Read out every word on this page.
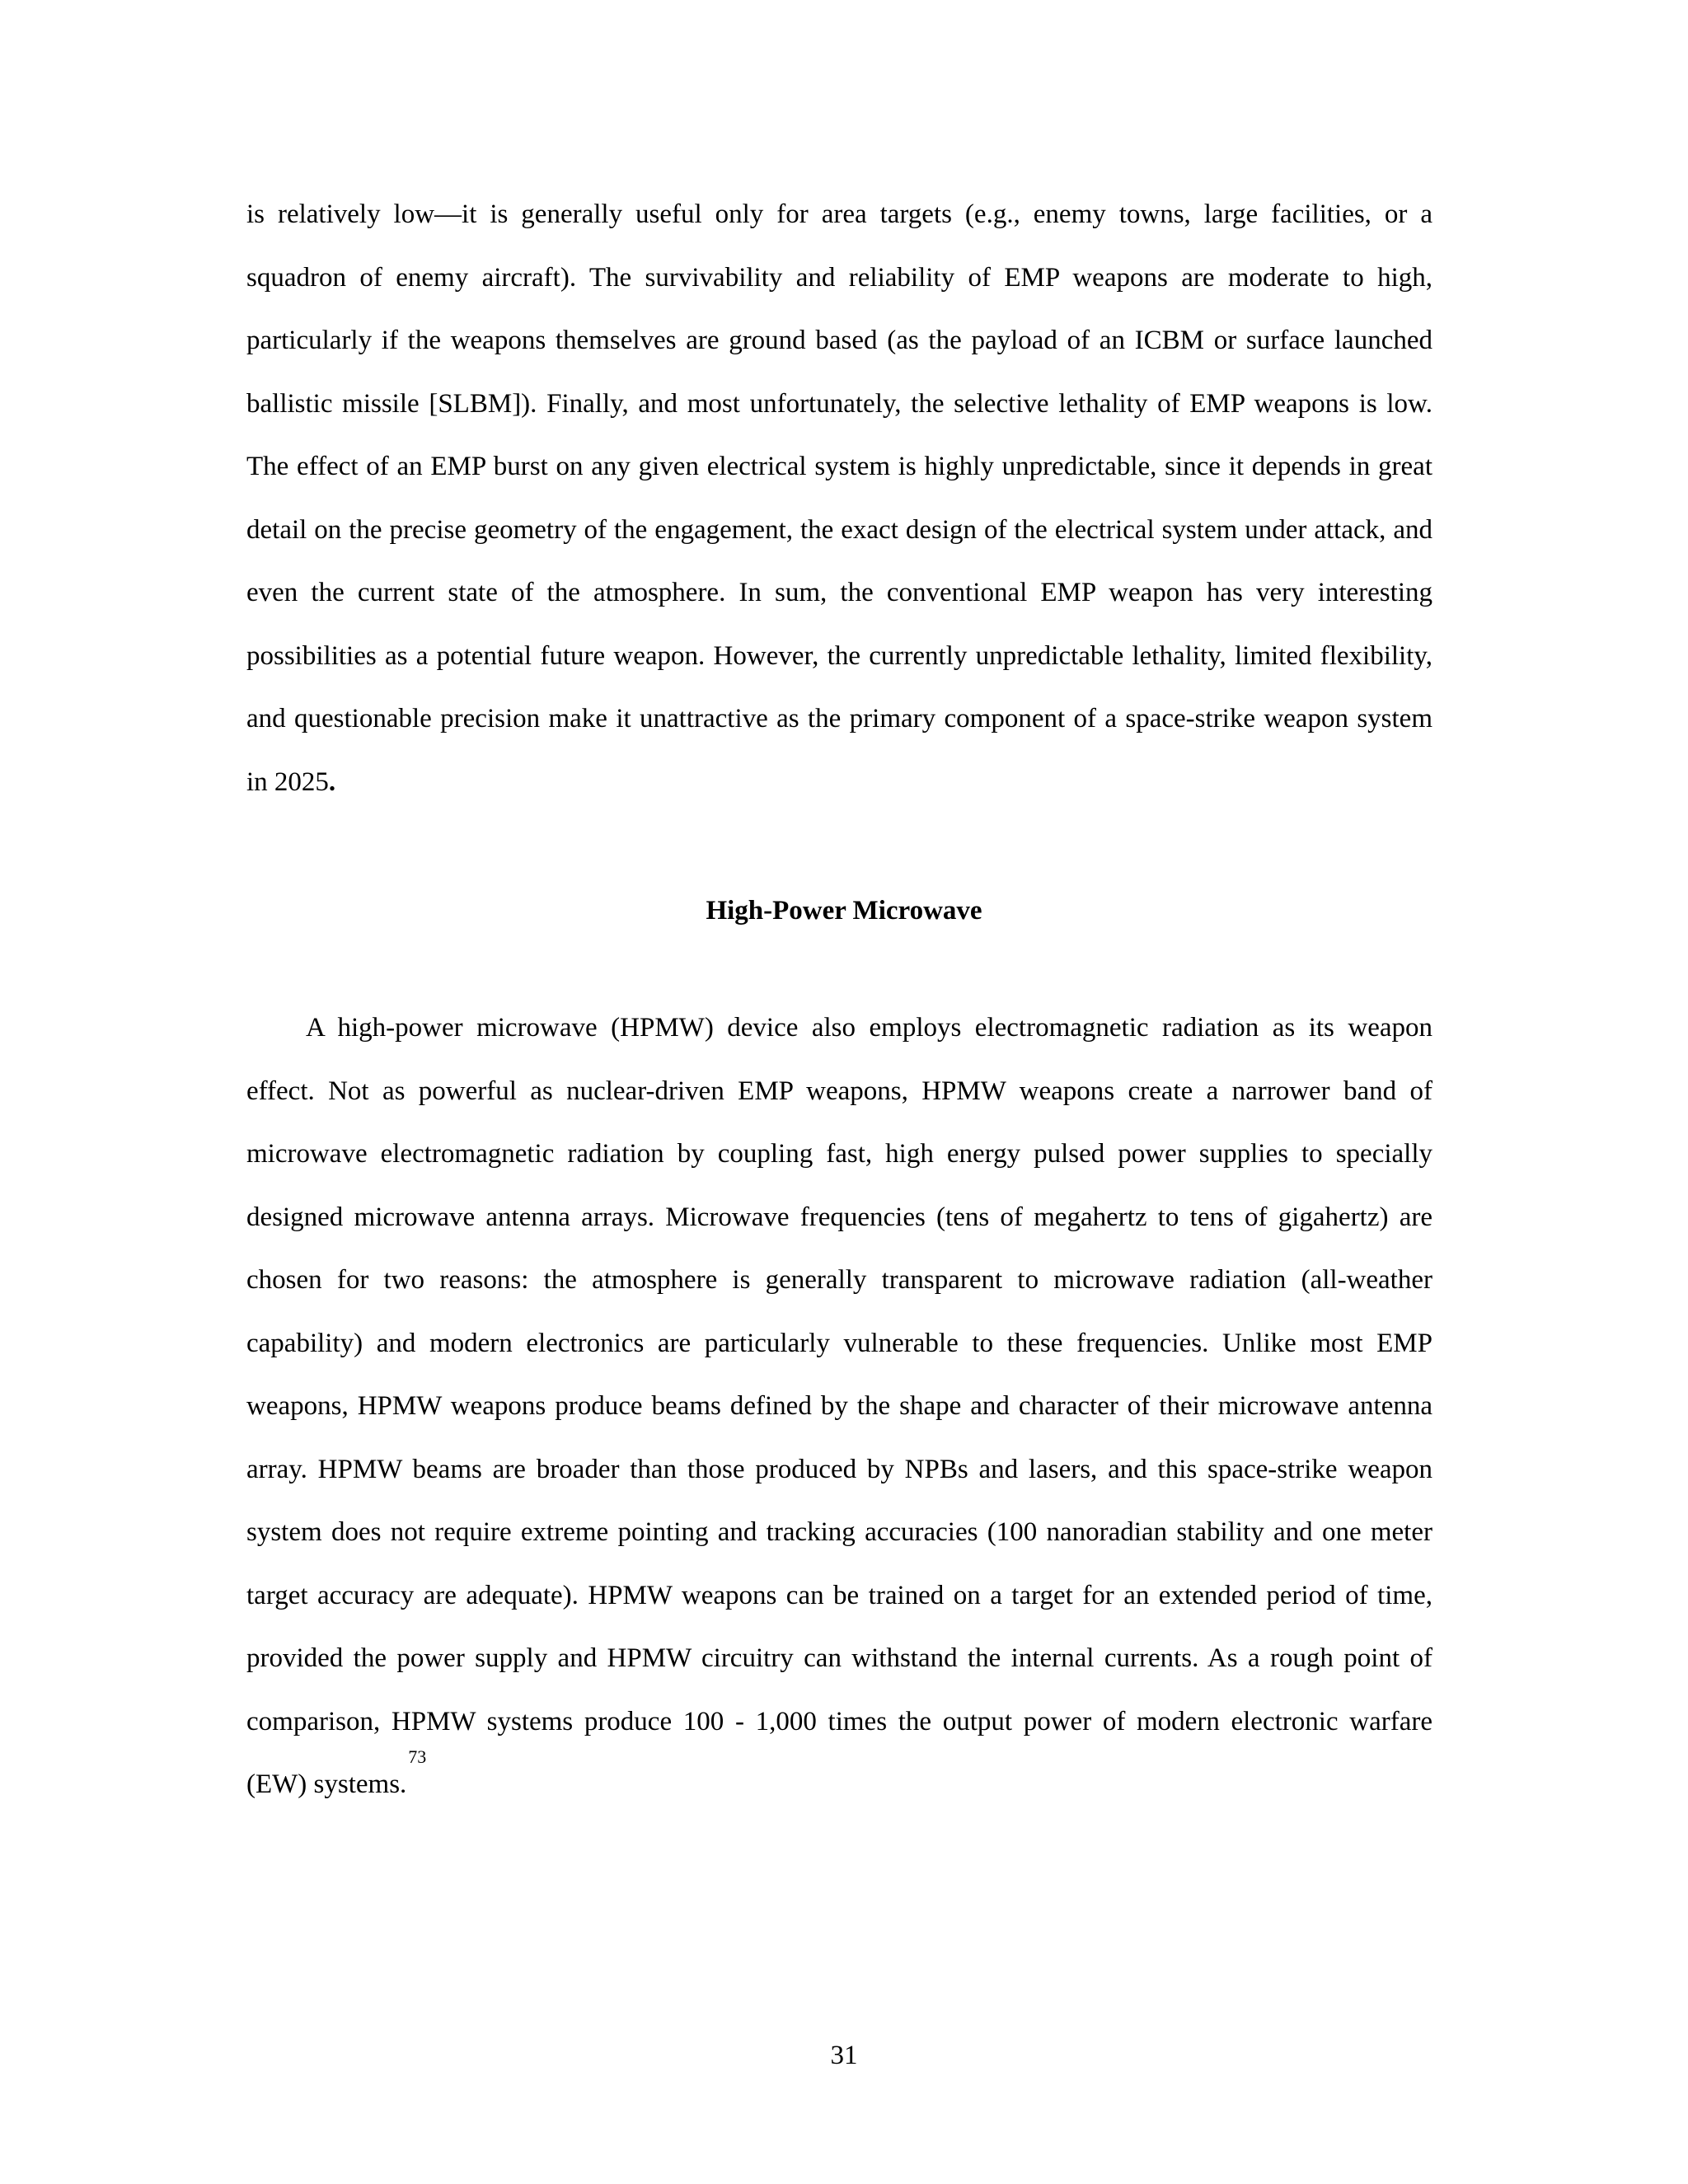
is relatively low—it is generally useful only for area targets (e.g., enemy towns, large facilities, or a squadron of enemy aircraft). The survivability and reliability of EMP weapons are moderate to high, particularly if the weapons themselves are ground based (as the payload of an ICBM or surface launched ballistic missile [SLBM]). Finally, and most unfortunately, the selective lethality of EMP weapons is low. The effect of an EMP burst on any given electrical system is highly unpredictable, since it depends in great detail on the precise geometry of the engagement, the exact design of the electrical system under attack, and even the current state of the atmosphere. In sum, the conventional EMP weapon has very interesting possibilities as a potential future weapon. However, the currently unpredictable lethality, limited flexibility, and questionable precision make it unattractive as the primary component of a space-strike weapon system in 2025.

High-Power Microwave

A high-power microwave (HPMW) device also employs electromagnetic radiation as its weapon effect. Not as powerful as nuclear-driven EMP weapons, HPMW weapons create a narrower band of microwave electromagnetic radiation by coupling fast, high energy pulsed power supplies to specially designed microwave antenna arrays. Microwave frequencies (tens of megahertz to tens of gigahertz) are chosen for two reasons: the atmosphere is generally transparent to microwave radiation (all-weather capability) and modern electronics are particularly vulnerable to these frequencies. Unlike most EMP weapons, HPMW weapons produce beams defined by the shape and character of their microwave antenna array. HPMW beams are broader than those produced by NPBs and lasers, and this space-strike weapon system does not require extreme pointing and tracking accuracies (100 nanoradian stability and one meter target accuracy are adequate). HPMW weapons can be trained on a target for an extended period of time, provided the power supply and HPMW circuitry can withstand the internal currents. As a rough point of comparison, HPMW systems produce 100 - 1,000 times the output power of modern electronic warfare (EW) systems.$^{73}$

31
